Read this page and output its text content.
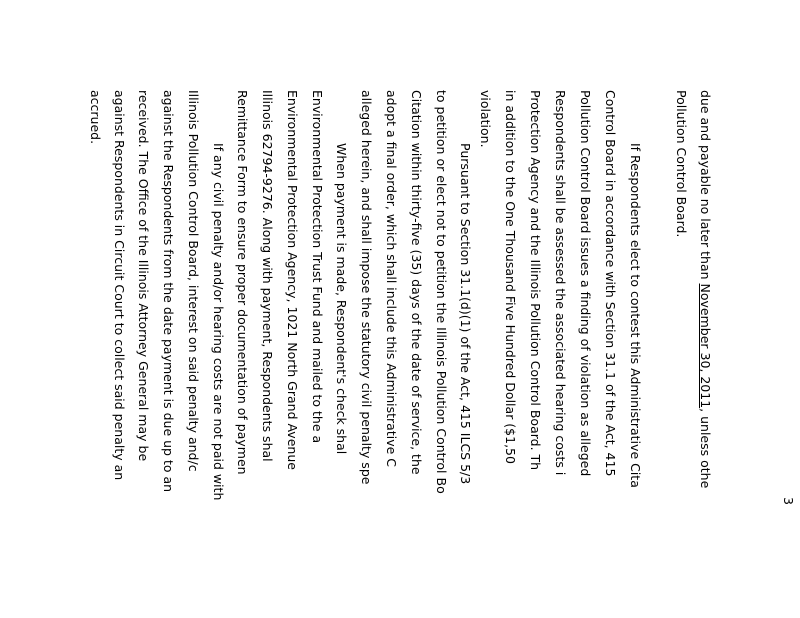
due and payable no later than November 30, 2011, unless othe
Pollution Control Board.
If Respondents elect to contest this Administrative Cita
Control Board in accordance with Section 31.1 of the Act, 415
Pollution Control Board issues a finding of violation as alleged
Respondents shall be assessed the associated hearing costs i
Protection Agency and the Illinois Pollution Control Board. Th
in addition to the One Thousand Five Hundred Dollar ($1,50
violation.
Pursuant to Section 31.1(d)(1) of the Act, 415 ILCS 5/3
to petition or elect not to petition the Illinois Pollution Control Bo
Citation within thirty-five (35) days of the date of service, the
adopt a final order, which shall include this Administrative C
alleged herein, and shall impose the statutory civil penalty spe
When payment is made, Respondent's check shal
Environmental Protection Trust Fund and mailed to the a
Environmental Protection Agency, 1021 North Grand Avenue
Illinois 62794-9276. Along with payment, Respondents shal
Remittance Form to ensure proper documentation of paymen
If any civil penalty and/or hearing costs are not paid with
Illinois Pollution Control Board, interest on said penalty and/c
against the Respondents from the date payment is due up to an
received. The Office of the Illinois Attorney General may be
against Respondents in Circuit Court to collect said penalty an
accrued.
3
